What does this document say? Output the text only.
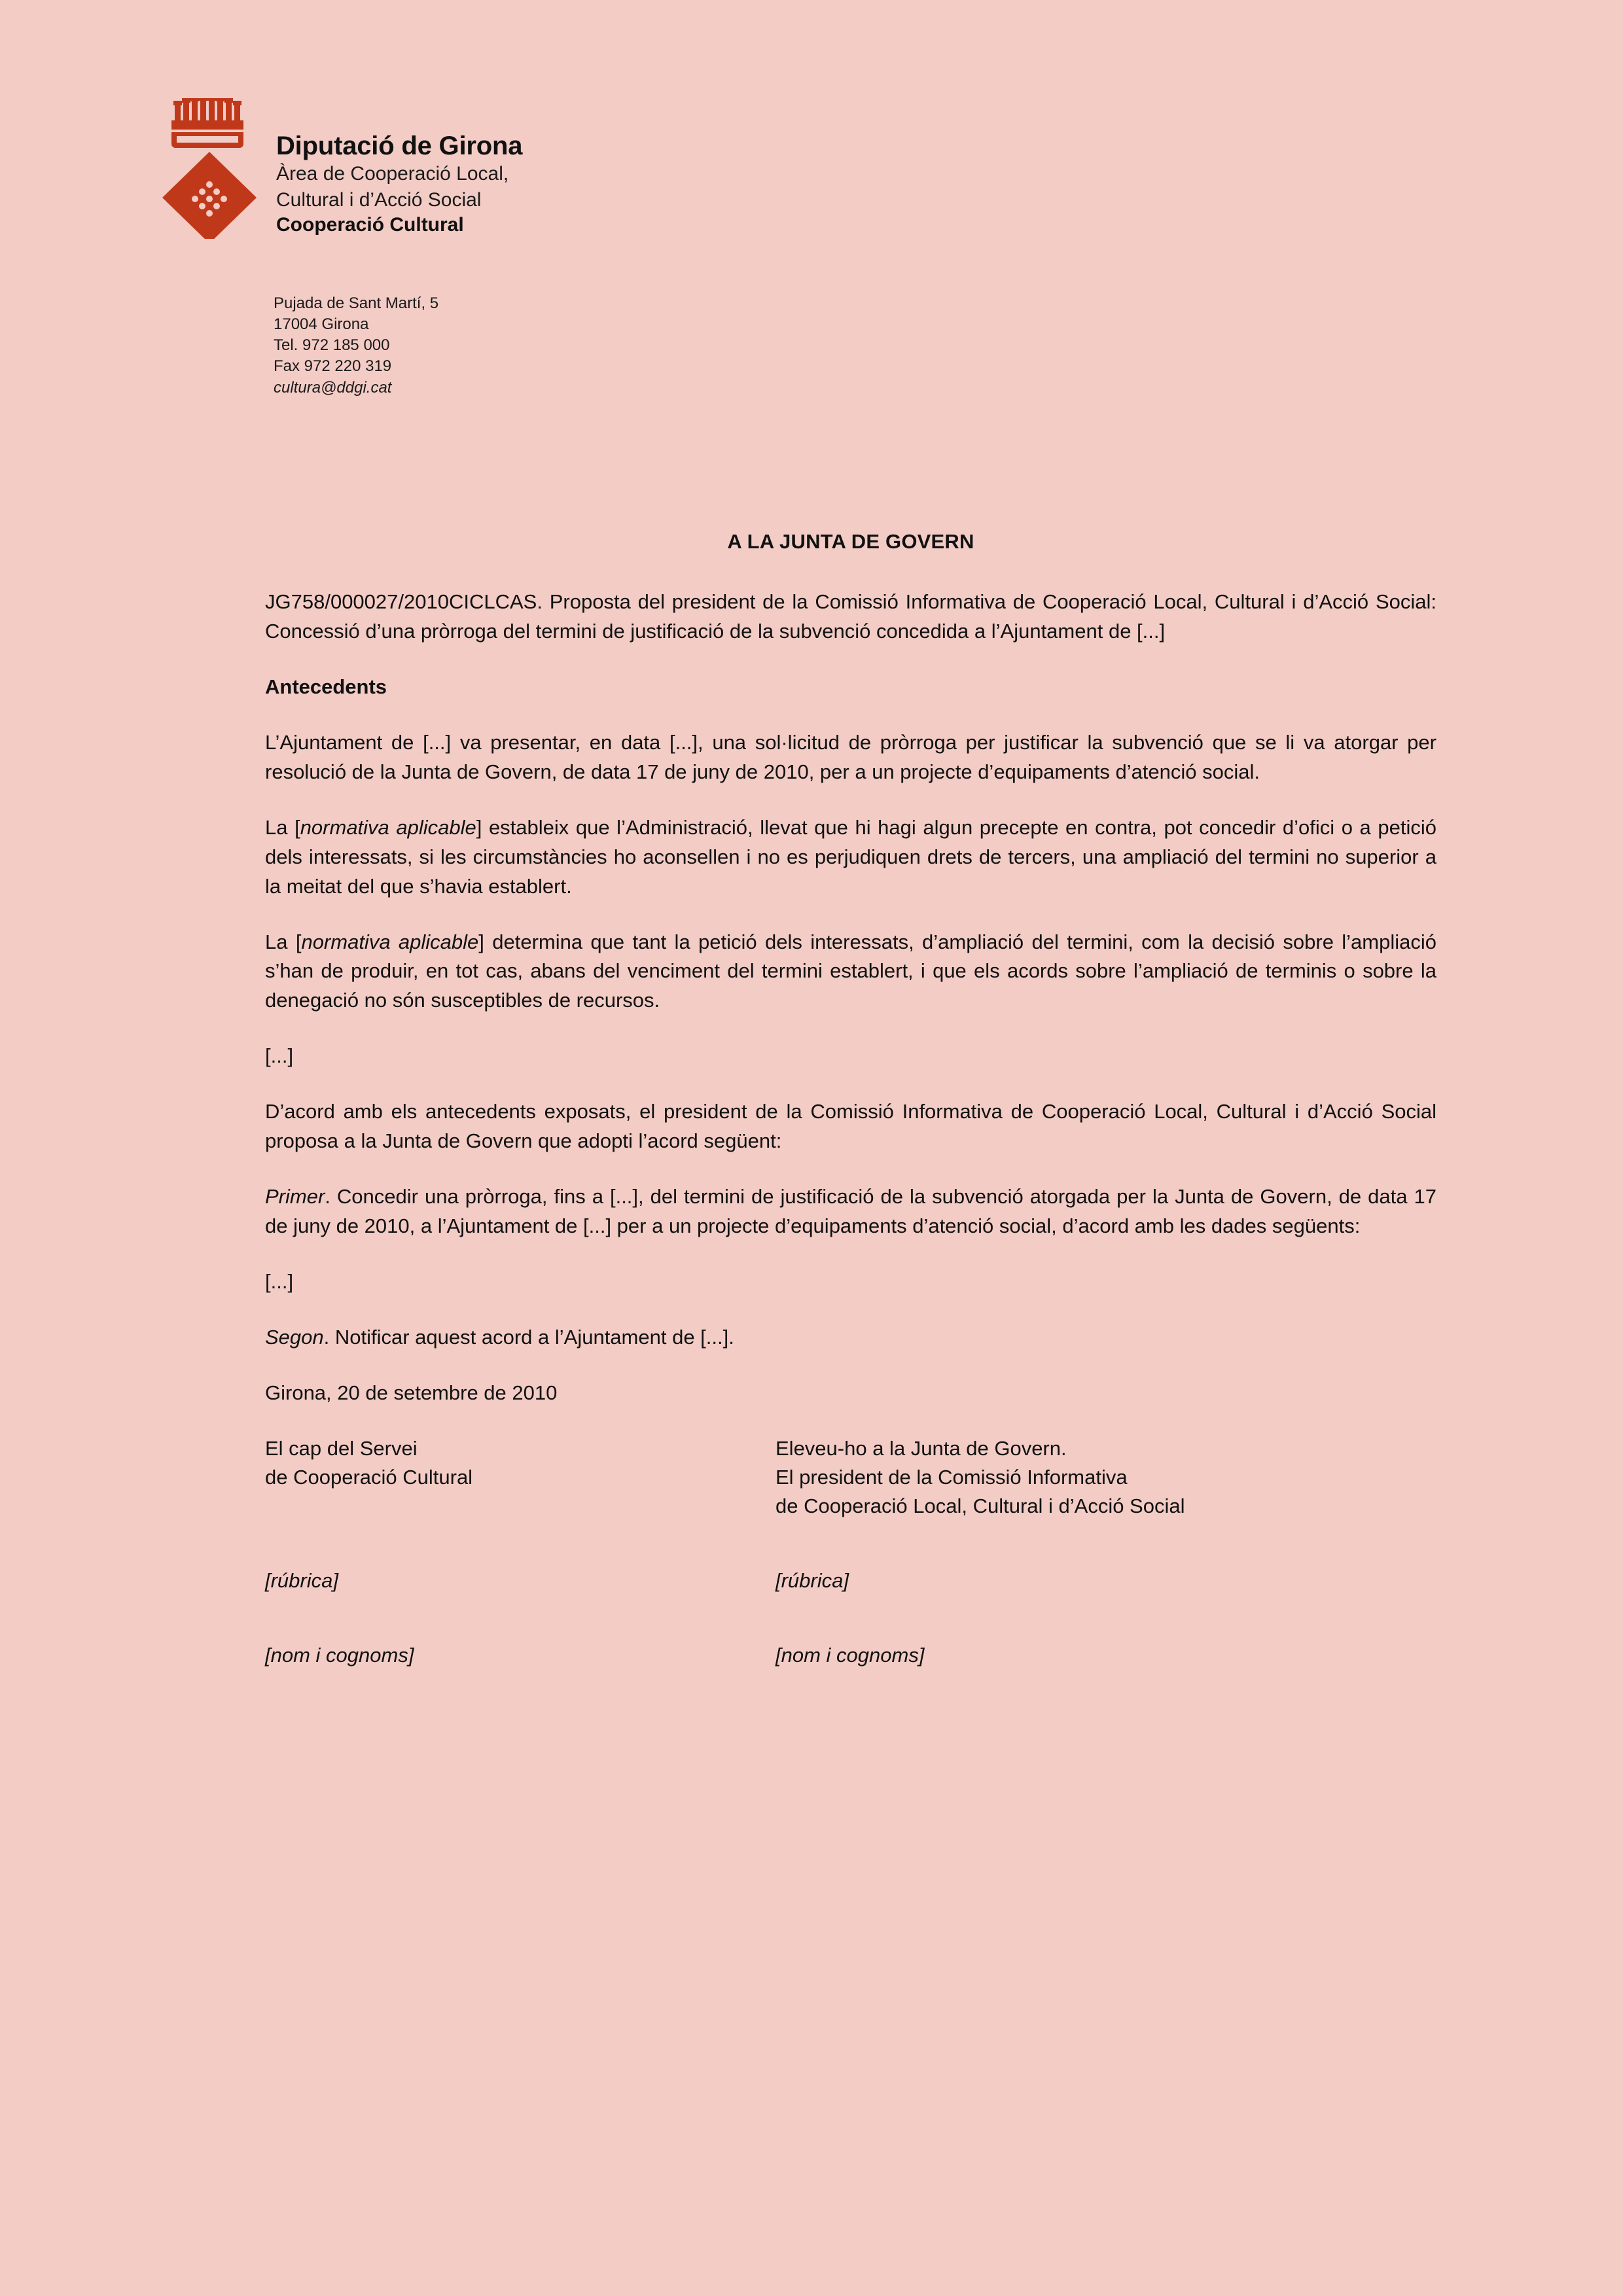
Diputació de Girona
Àrea de Cooperació Local,
Cultural i d’Acció Social
Cooperació Cultural
Pujada de Sant Martí, 5
17004 Girona
Tel. 972 185 000
Fax 972 220 319
cultura@ddgi.cat
A LA JUNTA DE GOVERN

JG758/000027/2010CICLCAS. Proposta del president de la Comissió Informativa de Cooperació Local, Cultural i d’Acció Social: Concessió d’una pròrroga del termini de justificació de la subvenció concedida a l’Ajuntament de [...]

Antecedents

L’Ajuntament de [...] va presentar, en data [...], una sol·licitud de pròrroga per justificar la subvenció que se li va atorgar per resolució de la Junta de Govern, de data 17 de juny de 2010, per a un projecte d’equipaments d’atenció social.

La [normativa aplicable] estableix que l’Administració, llevat que hi hagi algun precepte en contra, pot concedir d’ofici o a petició dels interessats, si les circumstàncies ho aconsellen i no es perjudiquen drets de tercers, una ampliació del termini no superior a la meitat del que s’havia establert.

La [normativa aplicable] determina que tant la petició dels interessats, d’ampliació del termini, com la decisió sobre l’ampliació s’han de produir, en tot cas, abans del venciment del termini establert, i que els acords sobre l’ampliació de terminis o sobre la denegació no són susceptibles de recursos.

[...]

D’acord amb els antecedents exposats, el president de la Comissió Informativa de Cooperació Local, Cultural i d’Acció Social proposa a la Junta de Govern que adopti l’acord següent:

Primer. Concedir una pròrroga, fins a [...], del termini de justificació de la subvenció atorgada per la Junta de Govern, de data 17 de juny de 2010, a l’Ajuntament de [...] per a un projecte d’equipaments d’atenció social, d’acord amb les dades següents:

[...]

Segon. Notificar aquest acord a l’Ajuntament de [...].

Girona, 20 de setembre de 2010

El cap del Servei
de Cooperació Cultural
Eleveu-ho a la Junta de Govern.
El president de la Comissió Informativa
de Cooperació Local, Cultural i d’Acció Social
[rúbrica]	[rúbrica]
[nom i cognoms]	[nom i cognoms]
